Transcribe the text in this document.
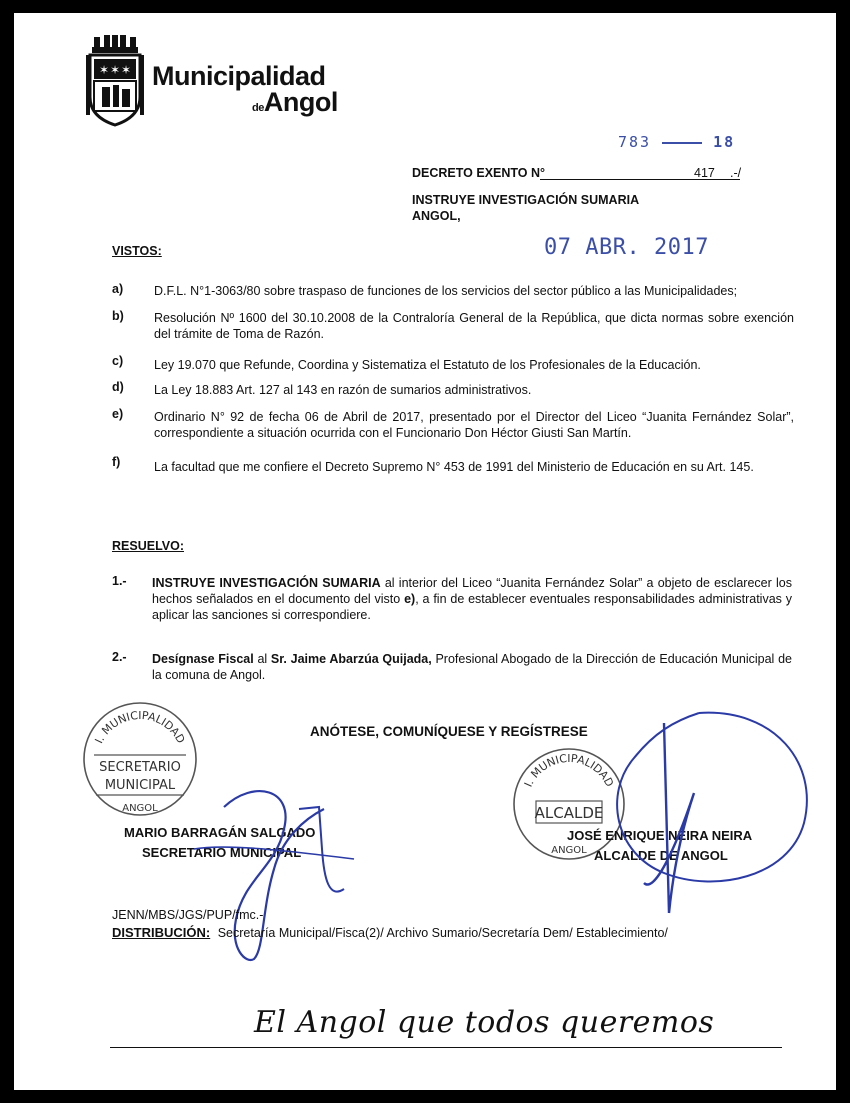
✶ ✶ ✶ Municipalidad
deAngol
783	18
DECRETO EXENTO N°	417 .-/
INSTRUYE INVESTIGACIÓN SUMARIA
ANGOL,
07 ABR. 2017
VISTOS:
a) D.F.L. N°1-3063/80 sobre traspaso de funciones de los servicios del sector público a las Municipalidades;
b) Resolución Nº 1600 del 30.10.2008 de la Contraloría General de la República, que dicta normas sobre exención del trámite de Toma de Razón.
c) Ley 19.070 que Refunde, Coordina y Sistematiza el Estatuto de los Profesionales de la Educación.
d) La Ley 18.883 Art. 127 al 143 en razón de sumarios administrativos.
e) Ordinario N° 92 de fecha 06 de Abril de 2017, presentado por el Director del Liceo “Juanita Fernández Solar”, correspondiente a situación ocurrida con el Funcionario Don Héctor Giusti San Martín.
f)	La facultad que me confiere el Decreto Supremo N° 453 de 1991 del Ministerio de Educación en su Art. 145.
RESUELVO:
1.- INSTRUYE INVESTIGACIÓN SUMARIA al interior del Liceo “Juanita Fernández Solar” a objeto de esclarecer los hechos señalados en el documento del visto e), a fin de establecer eventuales responsabilidades administrativas y aplicar las sanciones si correspondiere.
2.- Desígnase Fiscal al Sr. Jaime Abarzúa Quijada, Profesional Abogado de la Dirección de Educación Municipal de la comuna de Angol.
ANÓTESE, COMUNÍQUESE Y REGÍSTRESE
I. MUNICIPALIDAD
SECRETARIO
MUNICIPAL
ANGOL
I. MUNICIPALIDAD
ALCALDE
ANGOL
MARIO BARRAGÁN SALGADO
SECRETARIO MUNICIPAL
JOSÉ ENRIQUE NEIRA NEIRA
ALCALDE DE ANGOL
JENN/MBS/JGS/PUP/fmc.-
DISTRIBUCIÓN: Secretaría Municipal/Fisca(2)/ Archivo Sumario/Secretaría Dem/ Establecimiento/
El Angol que todos queremos
